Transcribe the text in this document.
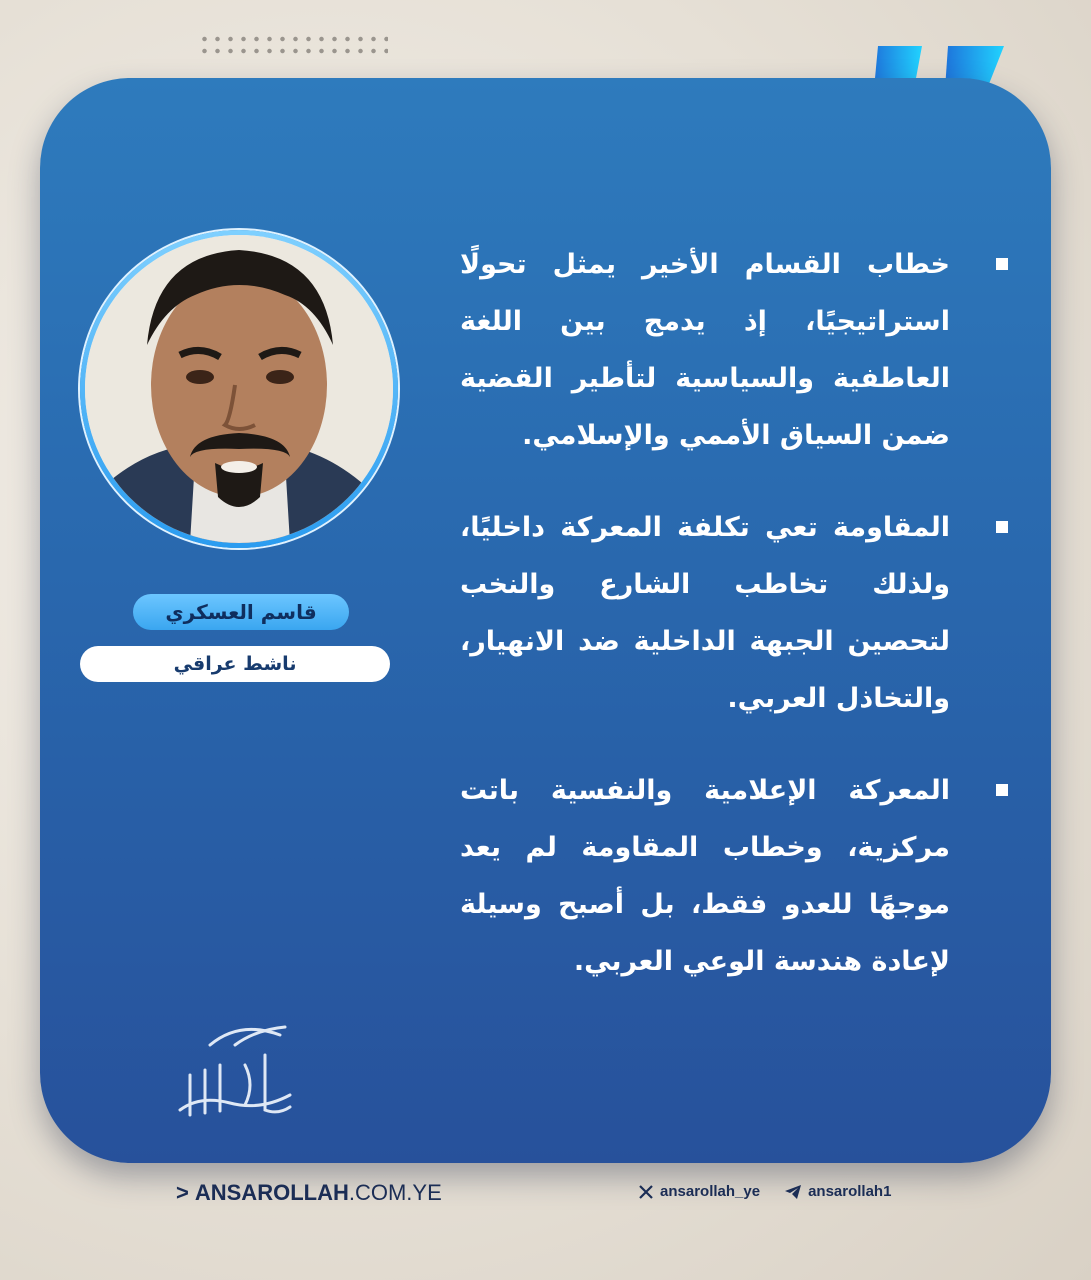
قاسم العسكري
ناشط عراقي
خطاب القسام الأخير يمثل تحولًا استراتيجيًا، إذ يدمج بين اللغة العاطفية والسياسية لتأطير القضية ضمن السياق الأممي والإسلامي.
المقاومة تعي تكلفة المعركة داخليًا، ولذلك تخاطب الشارع والنخب لتحصين الجبهة الداخلية ضد الانهيار، والتخاذل العربي.
المعركة الإعلامية والنفسية باتت مركزية، وخطاب المقاومة لم يعد موجهًا للعدو فقط، بل أصبح وسيلة لإعادة هندسة الوعي العربي.
أنصار الله
> ANSAROLLAH.COM.YE	ansarollah_ye	ansarollah1
